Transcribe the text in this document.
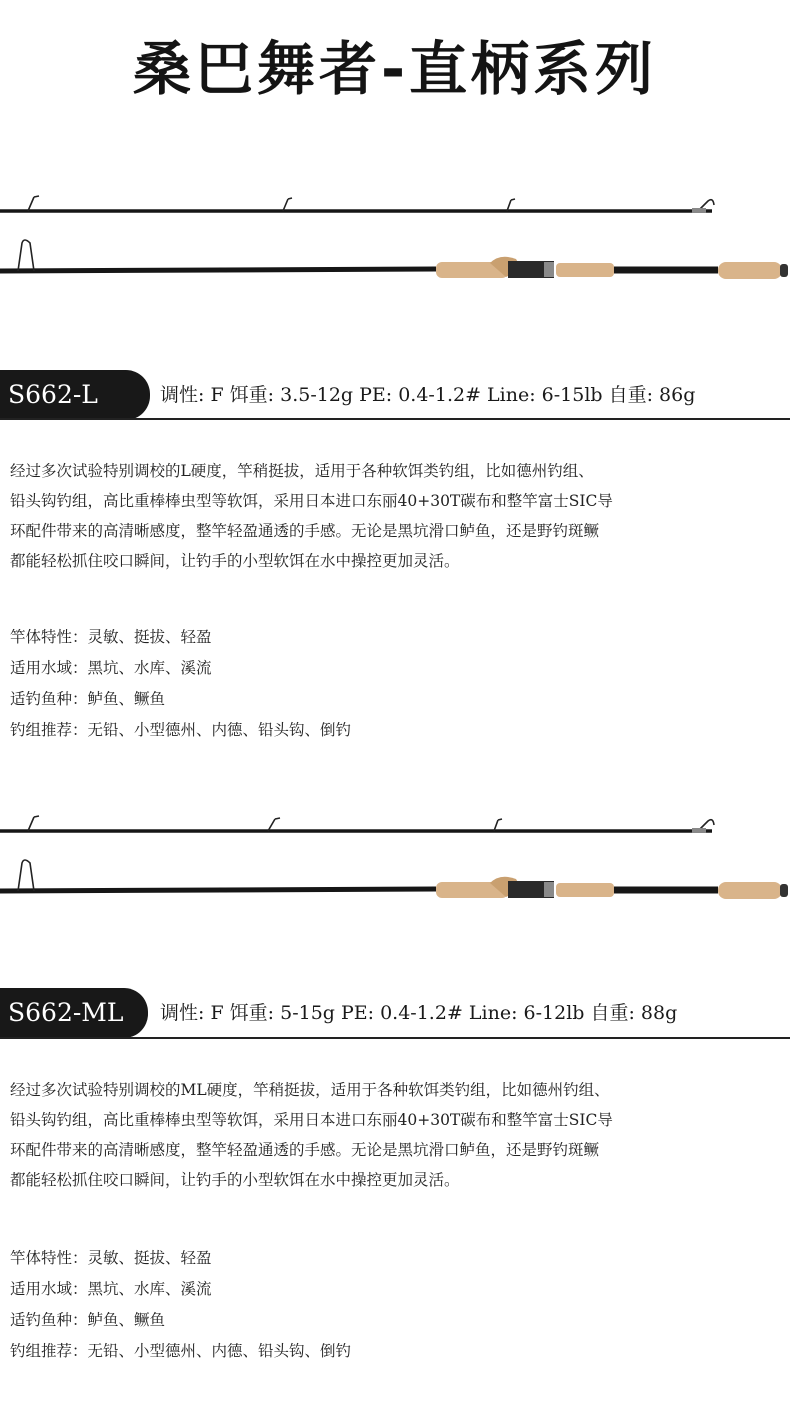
桑巴舞者-直柄系列
S662-L	调性: F 饵重: 3.5-12g PE: 0.4-1.2# Line: 6-15lb 自重: 86g
经过多次试验特别调校的L硬度，竿稍挺拔，适用于各种软饵类钓组，比如德州钓组、
铅头钩钓组，高比重棒棒虫型等软饵，采用日本进口东丽40+30T碳布和整竿富士SIC导
环配件带来的高清晰感度，整竿轻盈通透的手感。无论是黑坑滑口鲈鱼，还是野钓斑鳜
都能轻松抓住咬口瞬间，让钓手的小型软饵在水中操控更加灵活。
竿体特性：灵敏、挺拔、轻盈
适用水域：黑坑、水库、溪流
适钓鱼种：鲈鱼、鳜鱼
钓组推荐：无铅、小型德州、内德、铅头钩、倒钓
S662-ML	调性: F 饵重: 5-15g PE: 0.4-1.2# Line: 6-12lb 自重: 88g
经过多次试验特别调校的ML硬度，竿稍挺拔，适用于各种软饵类钓组，比如德州钓组、
铅头钩钓组，高比重棒棒虫型等软饵，采用日本进口东丽40+30T碳布和整竿富士SIC导
环配件带来的高清晰感度，整竿轻盈通透的手感。无论是黑坑滑口鲈鱼，还是野钓斑鳜
都能轻松抓住咬口瞬间，让钓手的小型软饵在水中操控更加灵活。
竿体特性：灵敏、挺拔、轻盈
适用水域：黑坑、水库、溪流
适钓鱼种：鲈鱼、鳜鱼
钓组推荐：无铅、小型德州、内德、铅头钩、倒钓
